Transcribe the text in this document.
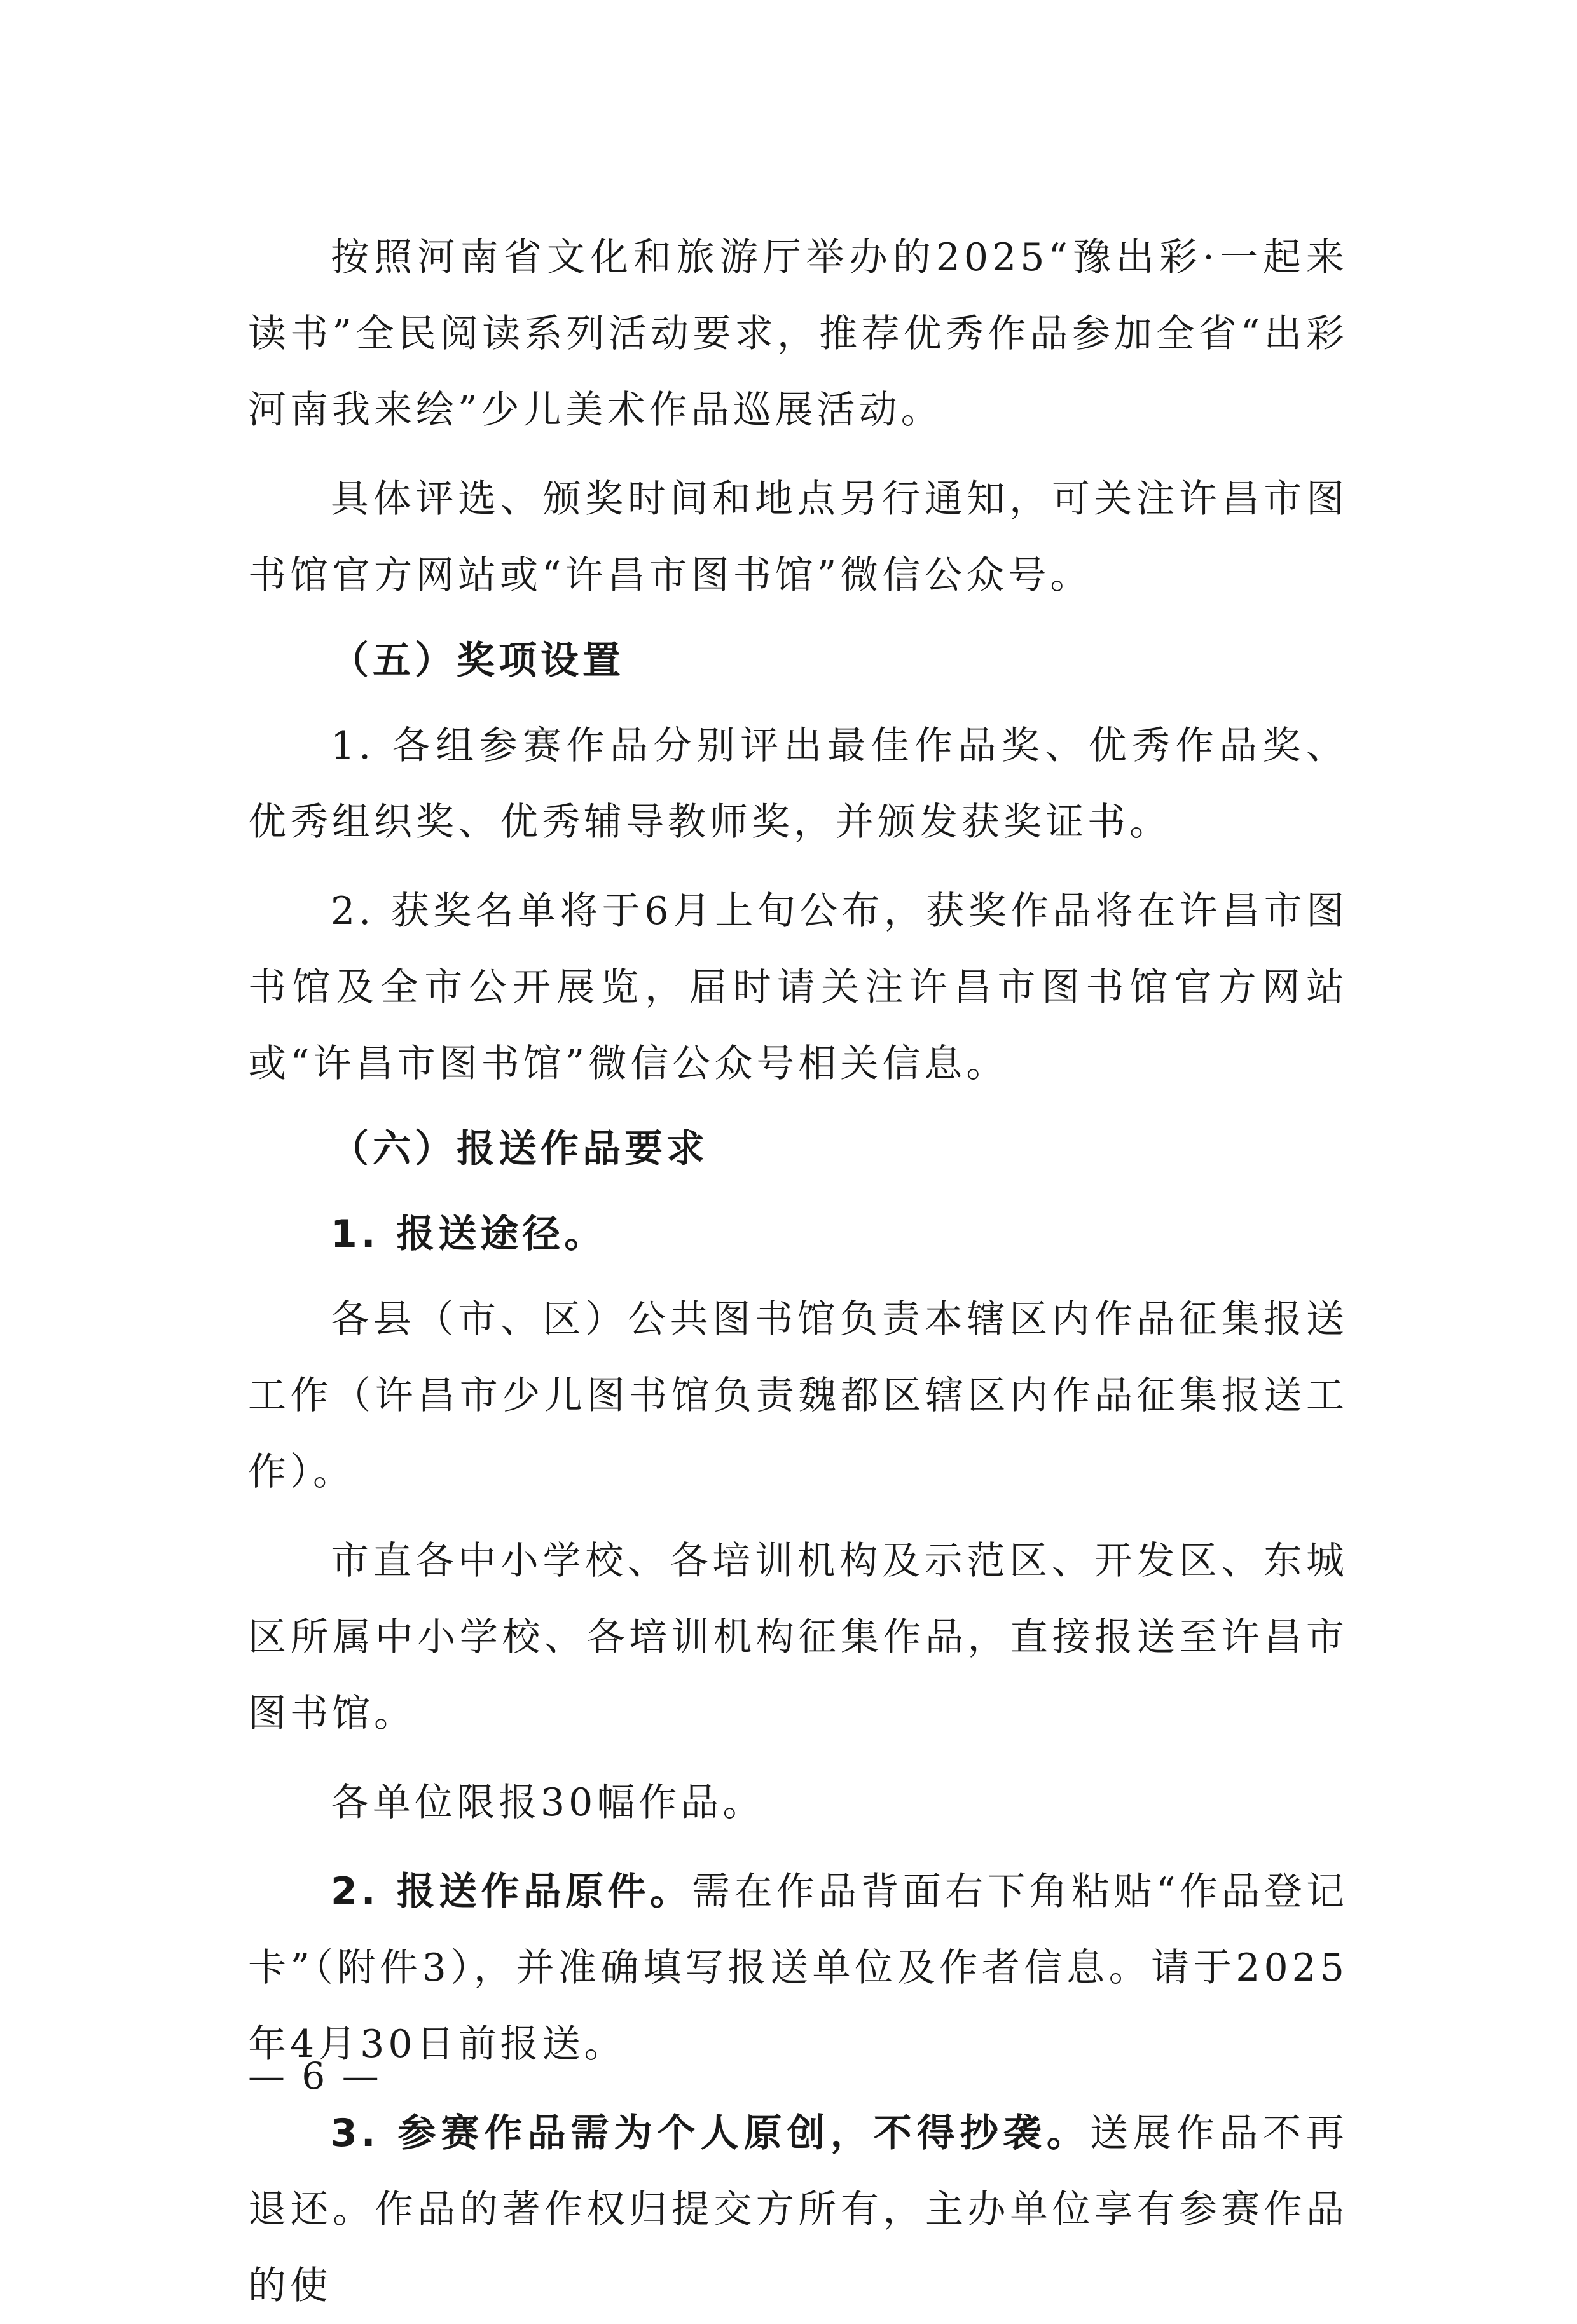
按照河南省文化和旅游厅举办的2025“豫出彩·一起来读书”全民阅读系列活动要求，推荐优秀作品参加全省“出彩河南我来绘”少儿美术作品巡展活动。

具体评选、颁奖时间和地点另行通知，可关注许昌市图书馆官方网站或“许昌市图书馆”微信公众号。

（五）奖项设置

1. 各组参赛作品分别评出最佳作品奖、优秀作品奖、优秀组织奖、优秀辅导教师奖，并颁发获奖证书。

2. 获奖名单将于6月上旬公布，获奖作品将在许昌市图书馆及全市公开展览，届时请关注许昌市图书馆官方网站或“许昌市图书馆”微信公众号相关信息。

（六）报送作品要求

1. 报送途径。

各县（市、区）公共图书馆负责本辖区内作品征集报送工作（许昌市少儿图书馆负责魏都区辖区内作品征集报送工作）。

市直各中小学校、各培训机构及示范区、开发区、东城区所属中小学校、各培训机构征集作品，直接报送至许昌市图书馆。

各单位限报30幅作品。

2. 报送作品原件。需在作品背面右下角粘贴“作品登记卡”（附件3），并准确填写报送单位及作者信息。请于2025年4月30日前报送。

3. 参赛作品需为个人原创，不得抄袭。送展作品不再退还。作品的著作权归提交方所有，主办单位享有参赛作品的使

— 6 —
